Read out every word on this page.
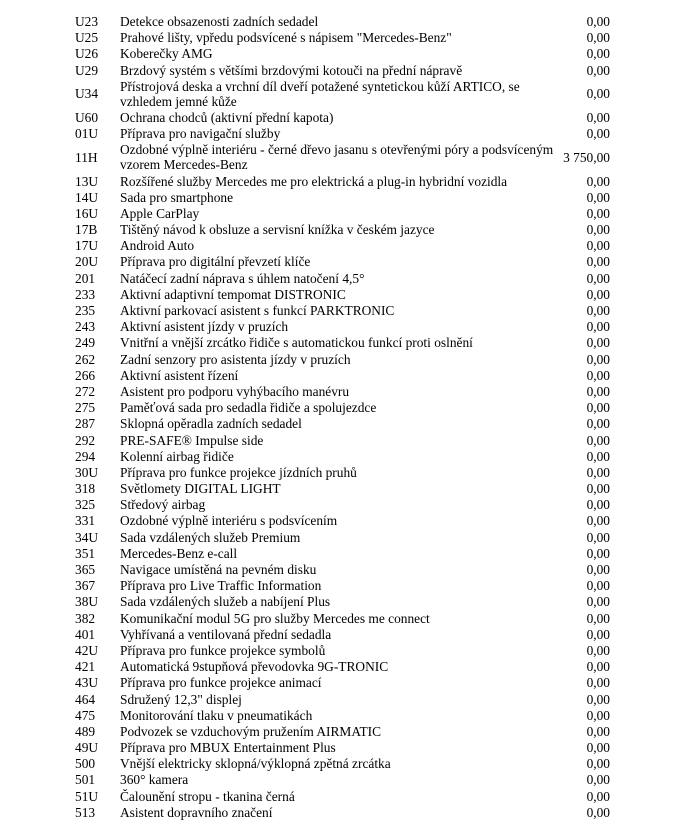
U23	Detekce obsazenosti zadních sedadel	0,00
U25	Prahové lišty, vpředu podsvícené s nápisem "Mercedes-Benz"	0,00
U26	Koberečky AMG	0,00
U29	Brzdový systém s většími brzdovými kotouči na přední nápravě	0,00
U34	Přístrojová deska a vrchní díl dveří potažené syntetickou kůží ARTICO, se vzhledem jemné kůže	0,00
U60	Ochrana chodců (aktivní přední kapota)	0,00
01U	Příprava pro navigační služby	0,00
11H	Ozdobné výplně interiéru - černé dřevo jasanu s otevřenými póry a podsvíceným vzorem Mercedes-Benz	3 750,00
13U	Rozšířené služby Mercedes me pro elektrická a plug-in hybridní vozidla	0,00
14U	Sada pro smartphone	0,00
16U	Apple CarPlay	0,00
17B	Tištěný návod k obsluze a servisní knížka v českém jazyce	0,00
17U	Android Auto	0,00
20U	Příprava pro digitální převzetí klíče	0,00
201	Natáčecí zadní náprava s úhlem natočení 4,5°	0,00
233	Aktivní adaptivní tempomat DISTRONIC	0,00
235	Aktivní parkovací asistent s funkcí PARKTRONIC	0,00
243	Aktivní asistent jízdy v pruzích	0,00
249	Vnitřní a vnější zrcátko řidiče s automatickou funkcí proti oslnění	0,00
262	Zadní senzory pro asistenta jízdy v pruzích	0,00
266	Aktivní asistent řízení	0,00
272	Asistent pro podporu vyhýbacího manévru	0,00
275	Paměťová sada pro sedadla řidiče a spolujezdce	0,00
287	Sklopná opěradla zadních sedadel	0,00
292	PRE-SAFE® Impulse side	0,00
294	Kolenní airbag řidiče	0,00
30U	Příprava pro funkce projekce jízdních pruhů	0,00
318	Světlomety DIGITAL LIGHT	0,00
325	Středový airbag	0,00
331	Ozdobné výplně interiéru s podsvícením	0,00
34U	Sada vzdálených služeb Premium	0,00
351	Mercedes-Benz e-call	0,00
365	Navigace umístěná na pevném disku	0,00
367	Příprava pro Live Traffic Information	0,00
38U	Sada vzdálených služeb a nabíjení Plus	0,00
382	Komunikační modul 5G pro služby Mercedes me connect	0,00
401	Vyhřívaná a ventilovaná přední sedadla	0,00
42U	Příprava pro funkce projekce symbolů	0,00
421	Automatická 9stupňová převodovka 9G-TRONIC	0,00
43U	Příprava pro funkce projekce animací	0,00
464	Sdružený 12,3" displej	0,00
475	Monitorování tlaku v pneumatikách	0,00
489	Podvozek se vzduchovým pružením AIRMATIC	0,00
49U	Příprava pro MBUX Entertainment Plus	0,00
500	Vnější elektricky sklopná/výklopná zpětná zrcátka	0,00
501	360° kamera	0,00
51U	Čalounění stropu - tkanina černá	0,00
513	Asistent dopravního značení	0,00
